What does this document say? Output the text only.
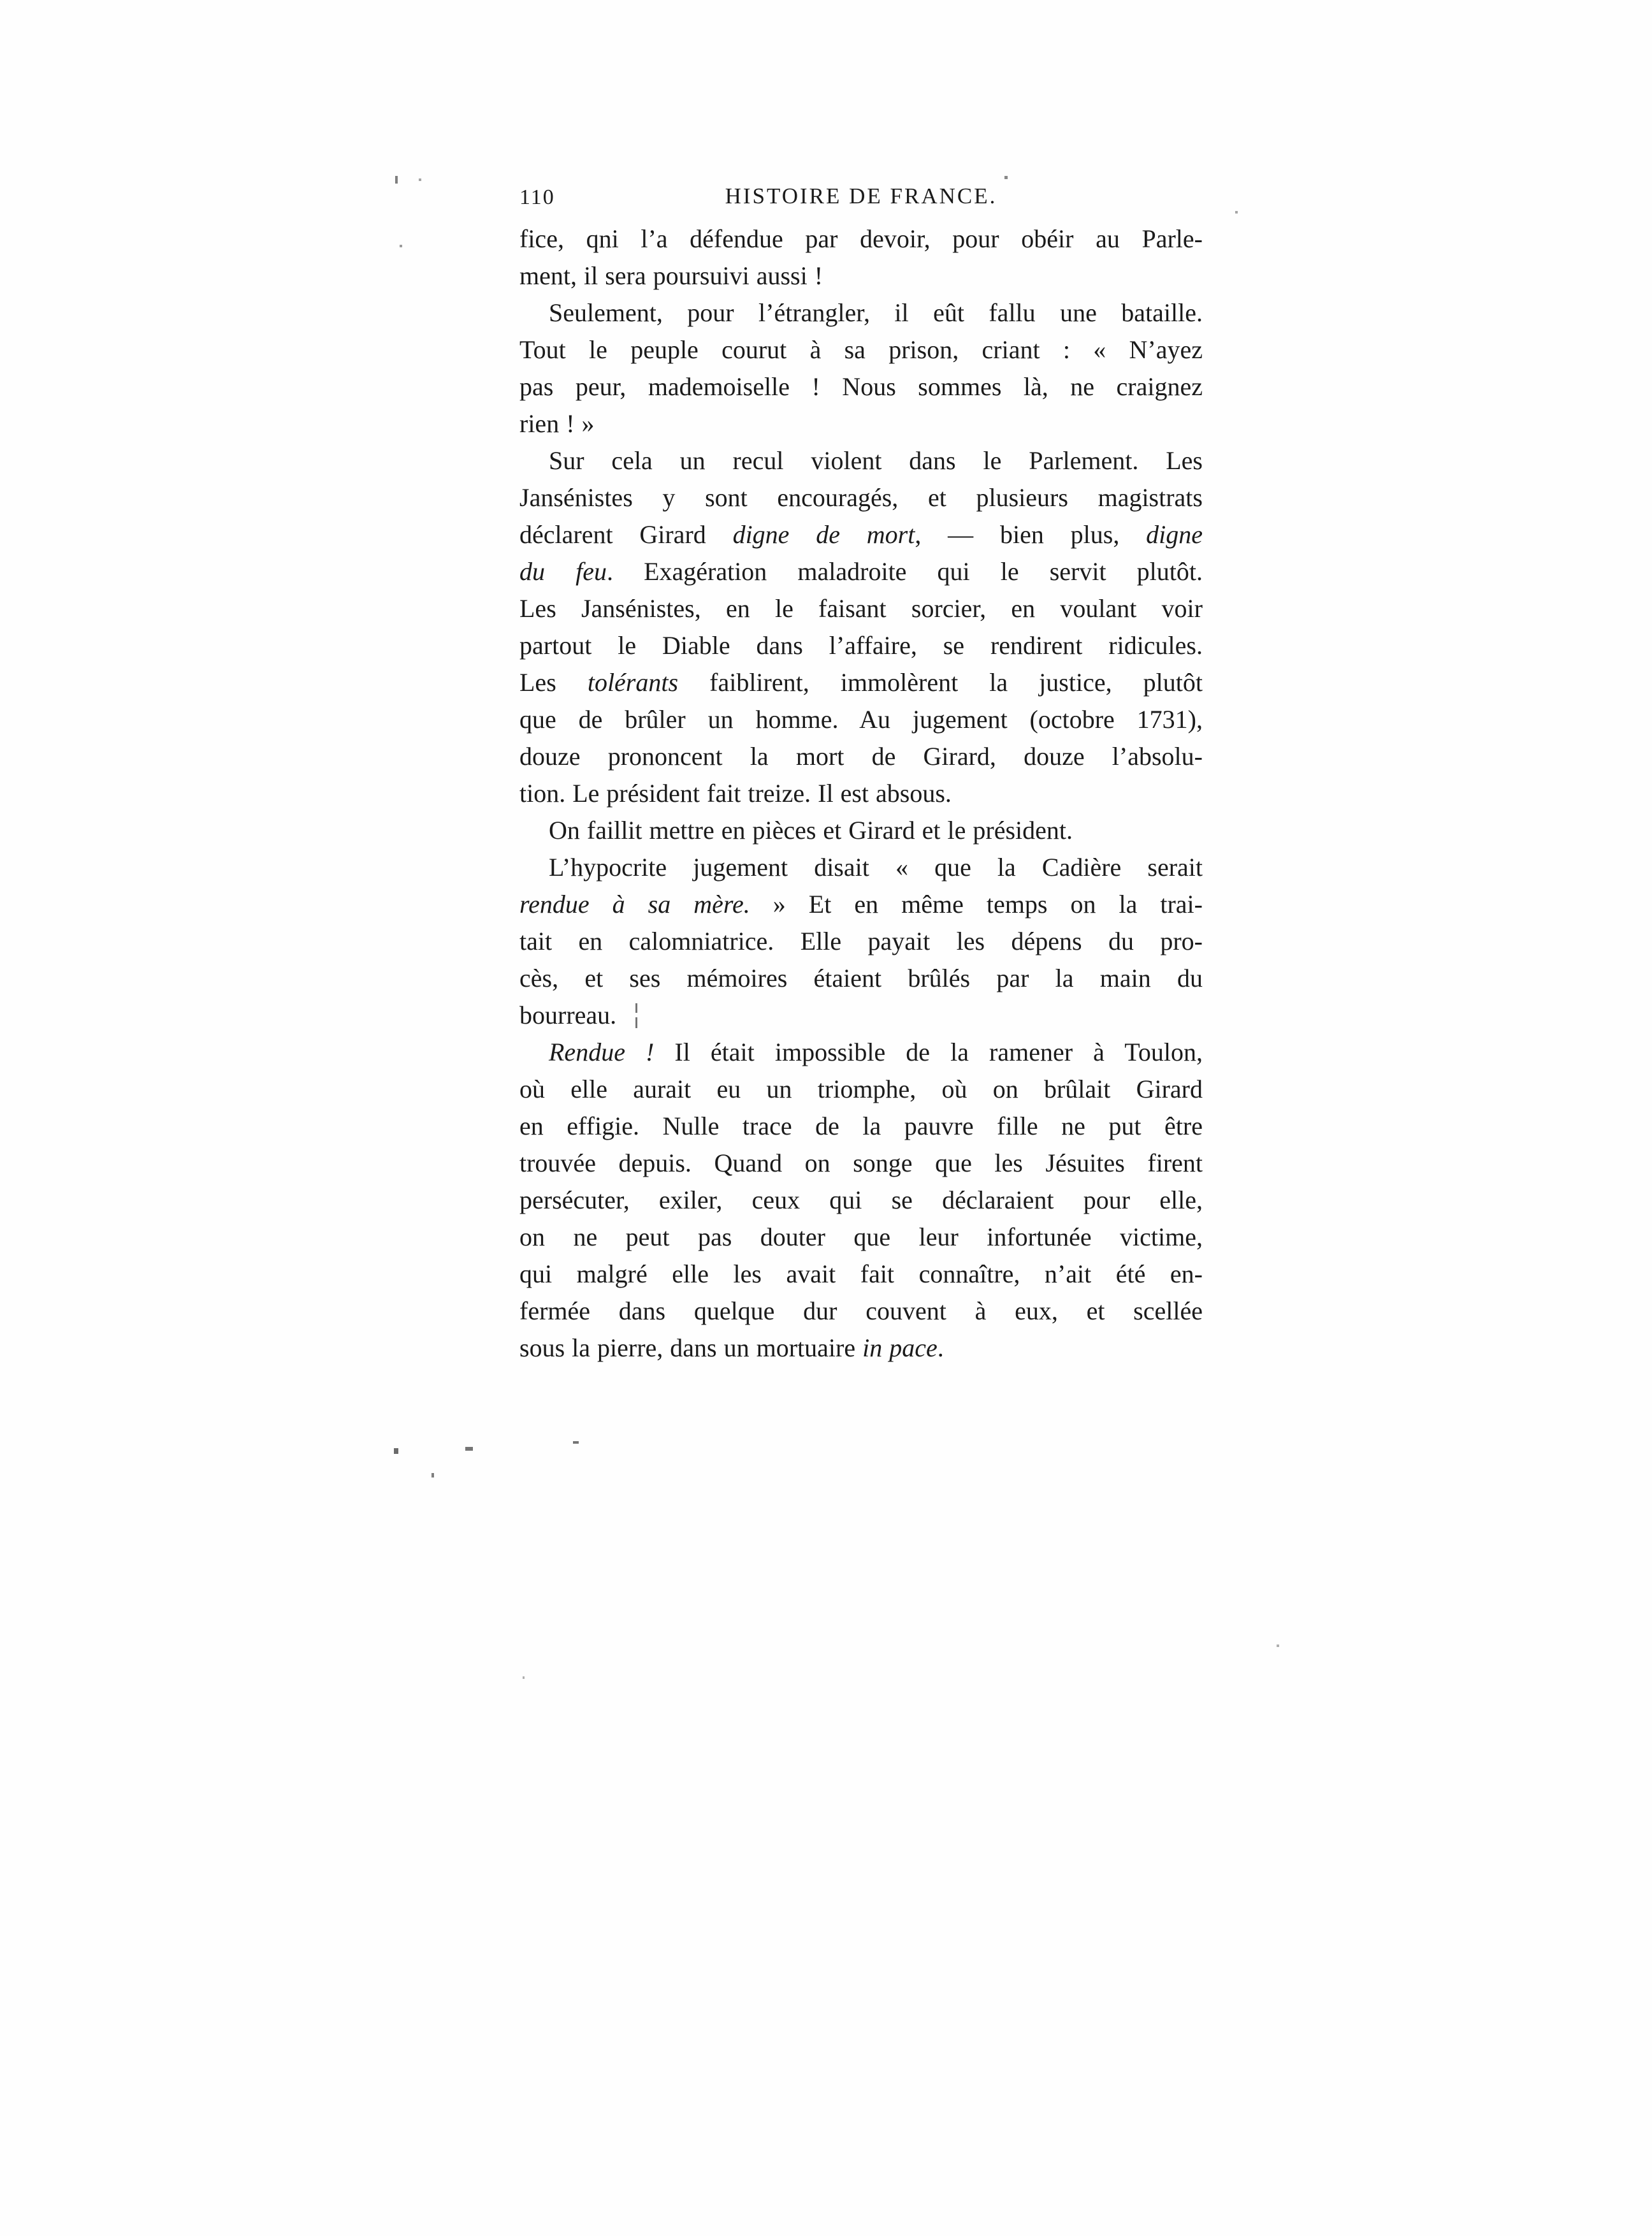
110	HISTOIRE DE FRANCE.
fice, qni l’a défendue par devoir, pour obéir au Parle-
ment, il sera poursuivi aussi !
Seulement, pour l’étrangler, il eût fallu une bataille.
Tout le peuple courut à sa prison, criant : « N’ayez
pas peur, mademoiselle ! Nous sommes là, ne craignez
rien ! »
Sur cela un recul violent dans le Parlement. Les
Jansénistes y sont encouragés, et plusieurs magistrats
déclarent Girard digne de mort, — bien plus, digne
du feu. Exagération maladroite qui le servit plutôt.
Les Jansénistes, en le faisant sorcier, en voulant voir
partout le Diable dans l’affaire, se rendirent ridicules.
Les tolérants faiblirent, immolèrent la justice, plutôt
que de brûler un homme. Au jugement (octobre 1731),
douze prononcent la mort de Girard, douze l’absolu-
tion. Le président fait treize. Il est absous.
On faillit mettre en pièces et Girard et le président.
L’hypocrite jugement disait « que la Cadière serait
rendue à sa mère. » Et en même temps on la trai-
tait en calomniatrice. Elle payait les dépens du pro-
cès, et ses mémoires étaient brûlés par la main du
bourreau.
Rendue ! Il était impossible de la ramener à Toulon,
où elle aurait eu un triomphe, où on brûlait Girard
en effigie. Nulle trace de la pauvre fille ne put être
trouvée depuis. Quand on songe que les Jésuites firent
persécuter, exiler, ceux qui se déclaraient pour elle,
on ne peut pas douter que leur infortunée victime,
qui malgré elle les avait fait connaître, n’ait été en-
fermée dans quelque dur couvent à eux, et scellée
sous la pierre, dans un mortuaire in pace.
